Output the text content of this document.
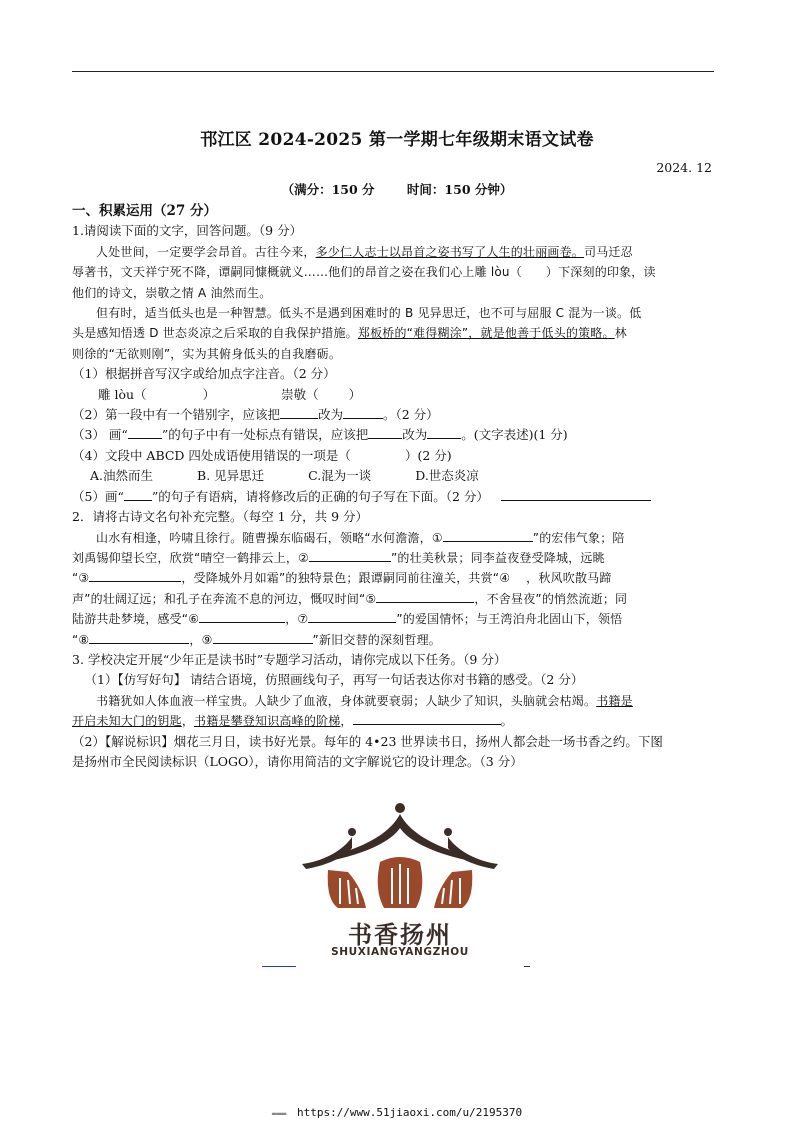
邗江区 2024-2025 第一学期七年级期末语文试卷
2024. 12
（满分：150 分	时间：150 分钟）

一、积累运用（27 分）

1.请阅读下面的文字，回答问题。（9 分）

人处世间，一定要学会昂首。古往今来，多少仁人志士以昂首之姿书写了人生的壮丽画卷。司马迁忍

辱著书，文天祥宁死不降，谭嗣同慷概就义……他们的昂首之姿在我们心上雕 lòu（ ）下深刻的印象，读

他们的诗文，崇敬之情 A 油然而生。

但有时，适当低头也是一种智慧。低头不是遇到困难时的 B 见异思迁，也不可与屈服 C 混为一谈。低

头是感知悟透 D 世态炎凉之后采取的自我保护措施。郑板桥的“难得糊涂”，就是他善于低头的策略。林

则徐的“无欲则刚”，实为其俯身低头的自我磨砺。

（1）根据拼音写汉字或给加点字注音。（2 分）

雕 lòu（	）	崇敬（ ）

（2）第一段中有一个错别字，应该把	改为	。（2 分）

（3） 画“	”的句子中有一处标点有错误，应该把	改为	。(文字表述)(1 分)

（4）文段中 ABCD 四处成语使用错误的一项是（	）(2 分)

A.油然而生	B. 见异思迁	C.混为一谈	D.世态炎凉

（5）画“ ”的句子有语病，请将修改后的正确的句子写在下面。（2 分）

2．请将古诗文名句补充完整。（每空 1 分，共 9 分）

山水有相逢，吟啸且徐行。随曹操东临碣石，领略“水何澹澹，①	”的宏伟气象；陪

刘禹锡仰望长空，欣赏“晴空一鹤排云上，②	”的壮美秋景；同李益夜登受降城，远眺

“③	，受降城外月如霜”的独特景色；跟谭嗣同前往潼关，共赏“④ ，秋风吹散马蹄

声”的壮阔辽远；和孔子在奔流不息的河边，慨叹时间“⑤	，不舍昼夜”的悄然流逝；同

陆游共赴梦境，感受“⑥	，⑦	”的爱国情怀；与王湾泊舟北固山下，领悟

“⑧	，⑨	”新旧交替的深刻哲理。

3. 学校决定开展“少年正是读书时”专题学习活动，请你完成以下任务。（9 分）

（1）【仿写好句】 请结合语境，仿照画线句子，再写一句话表达你对书籍的感受。（2 分）

书籍犹如人体血液一样宝贵。人缺少了血液，身体就要衰弱；人缺少了知识，头脑就会枯竭。书籍是

开启未知大门的钥匙，书籍是攀登知识高峰的阶梯，	。

（2）【解说标识】烟花三月日，读书好光景。每年的 4•23 世界读书日，扬州人都会赴一场书香之约。下图

是扬州市全民阅读标识（LOGO），请你用简洁的文字解说它的设计理念。（3 分）

书香扬州
SHUXIANGYANGZHOU
▬▬▬ https://www.51jiaoxi.com/u/2195370
